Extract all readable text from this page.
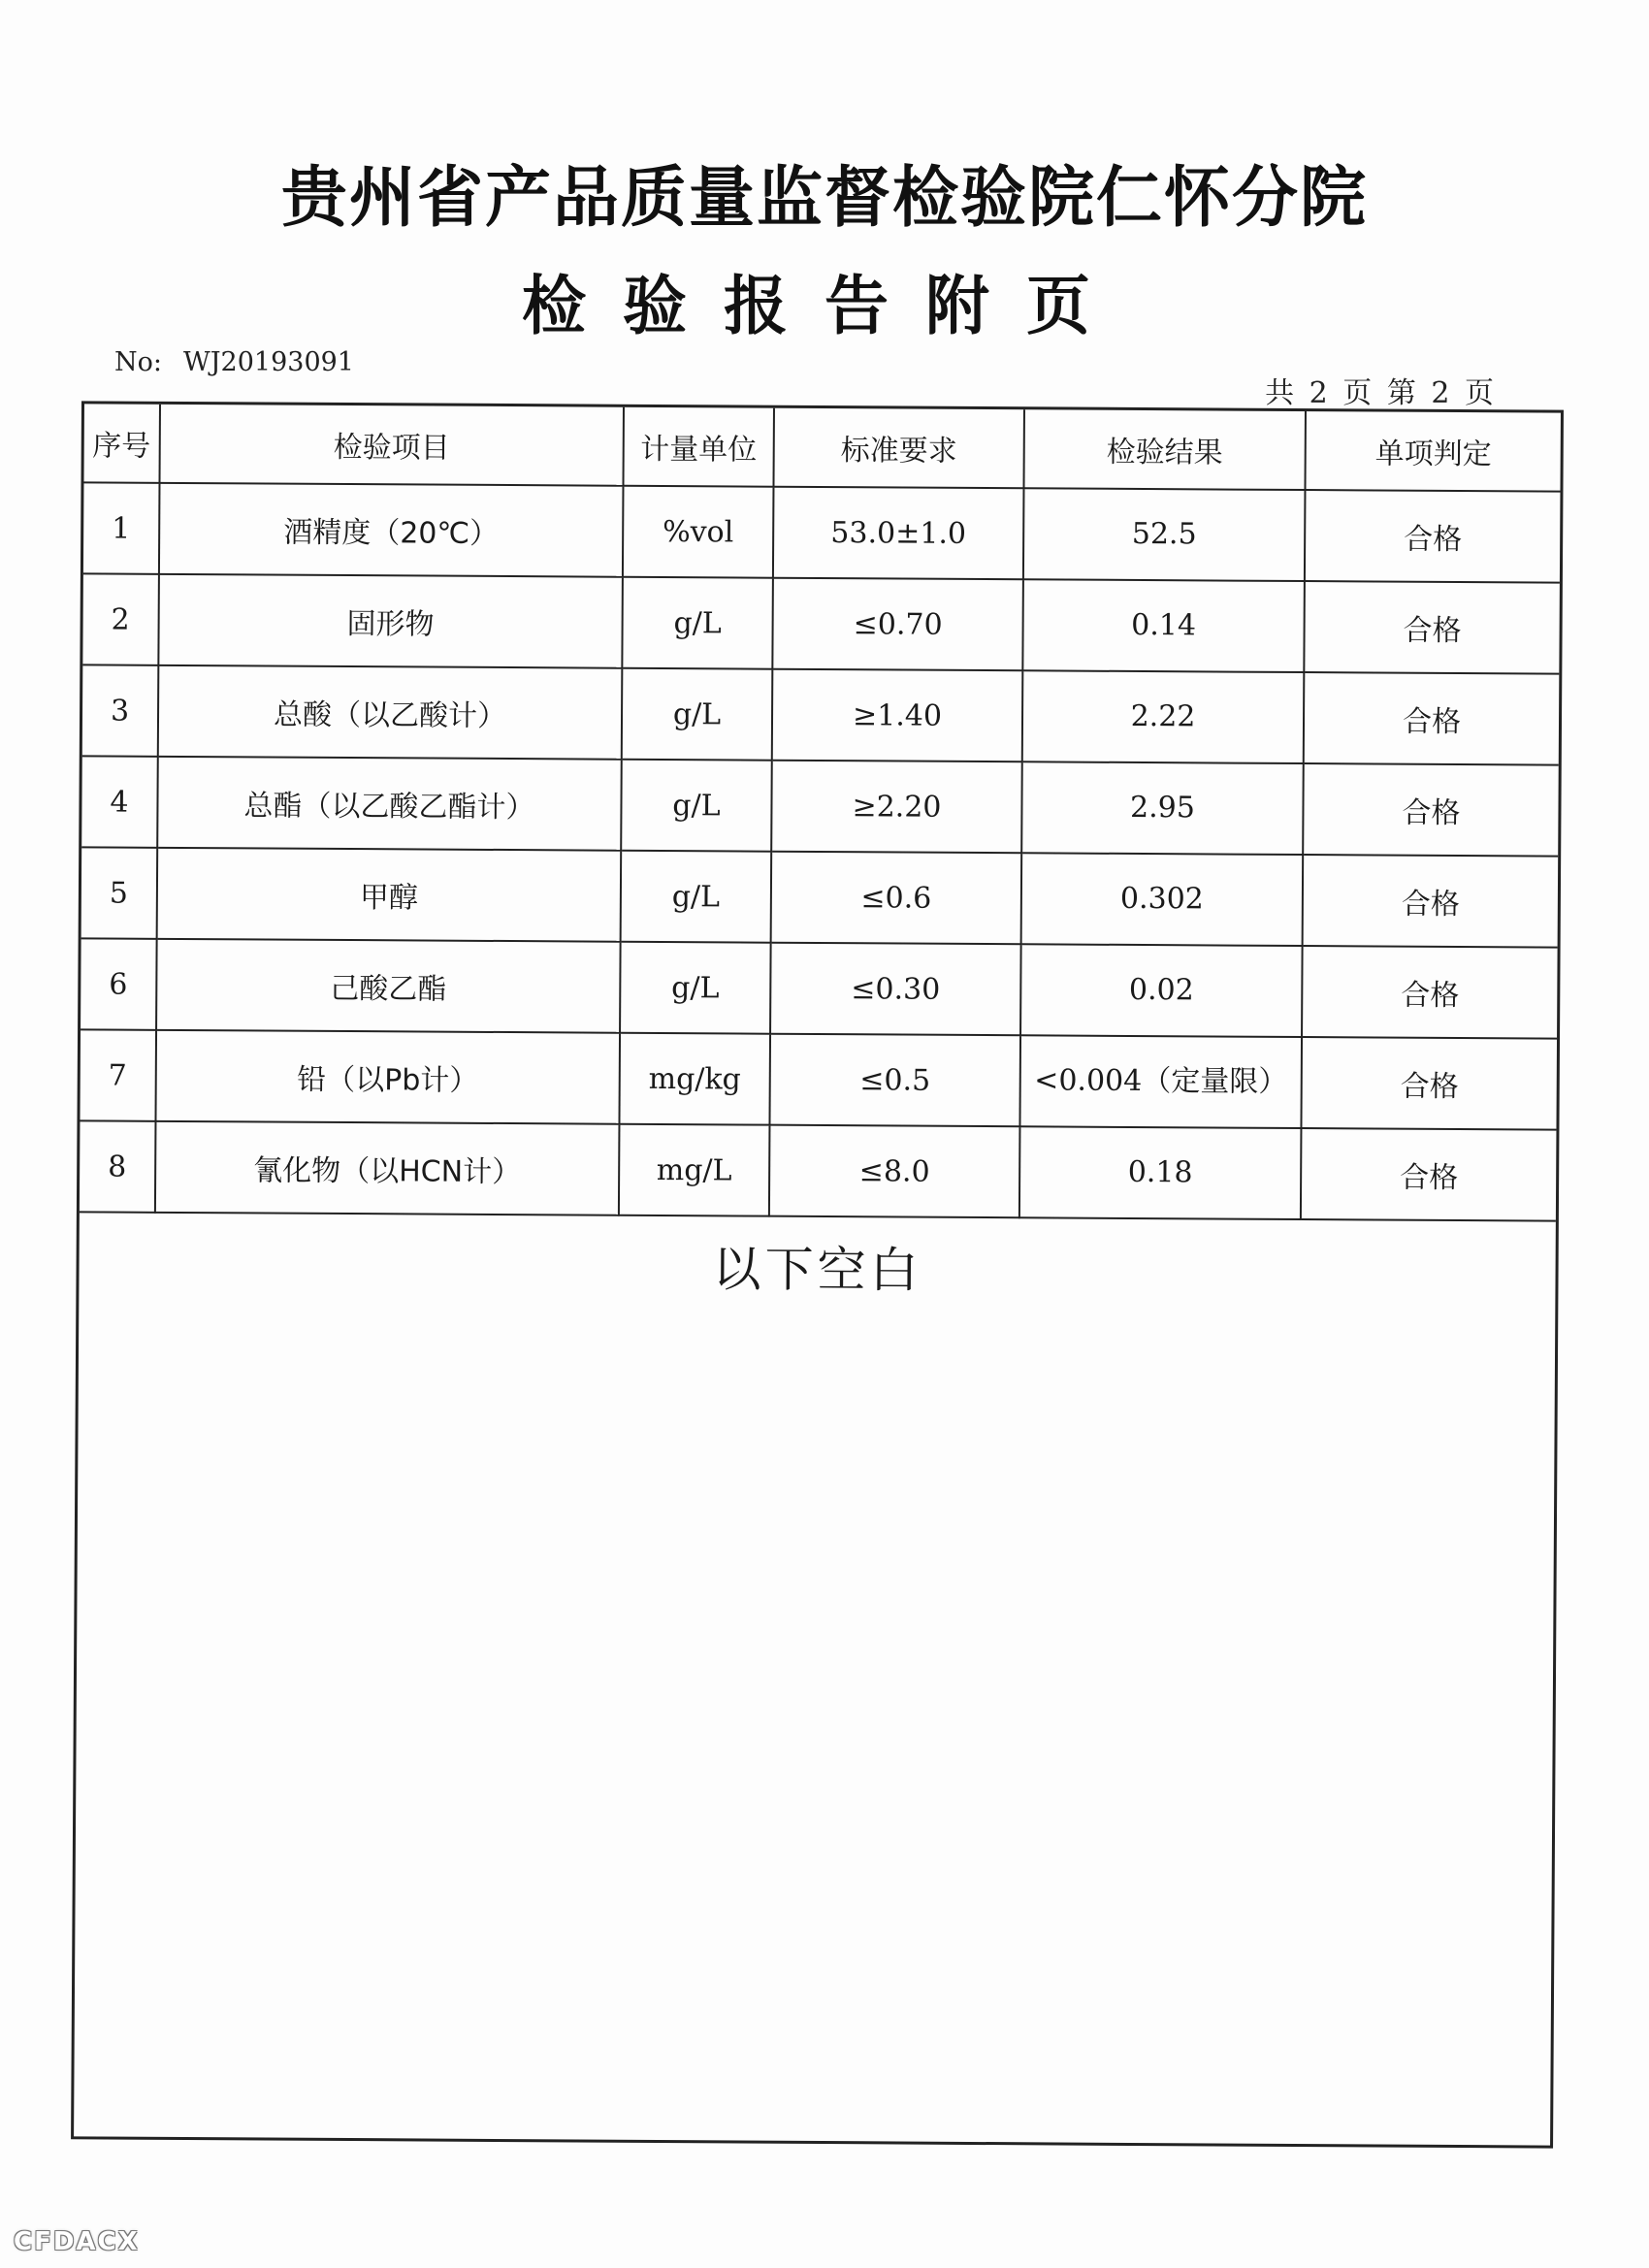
贵州省产品质量监督检验院仁怀分院
检验报告附页
No: WJ20193091
共 2 页 第 2 页
序号	检验项目	计量单位	标准要求	检验结果	单项判定
1	酒精度（20℃）	%vol	53.0±1.0	52.5	合格
2	固形物	g/L	≤0.70	0.14	合格
3	总酸（以乙酸计）	g/L	≥1.40	2.22	合格
4	总酯（以乙酸乙酯计）	g/L	≥2.20	2.95	合格
5	甲醇	g/L	≤0.6	0.302	合格
6	己酸乙酯	g/L	≤0.30	0.02	合格
7	铅（以Pb计）	mg/kg	≤0.5	<0.004（定量限）	合格
8	氰化物（以HCN计）	mg/L	≤8.0	0.18	合格
以下空白
CFDACX
